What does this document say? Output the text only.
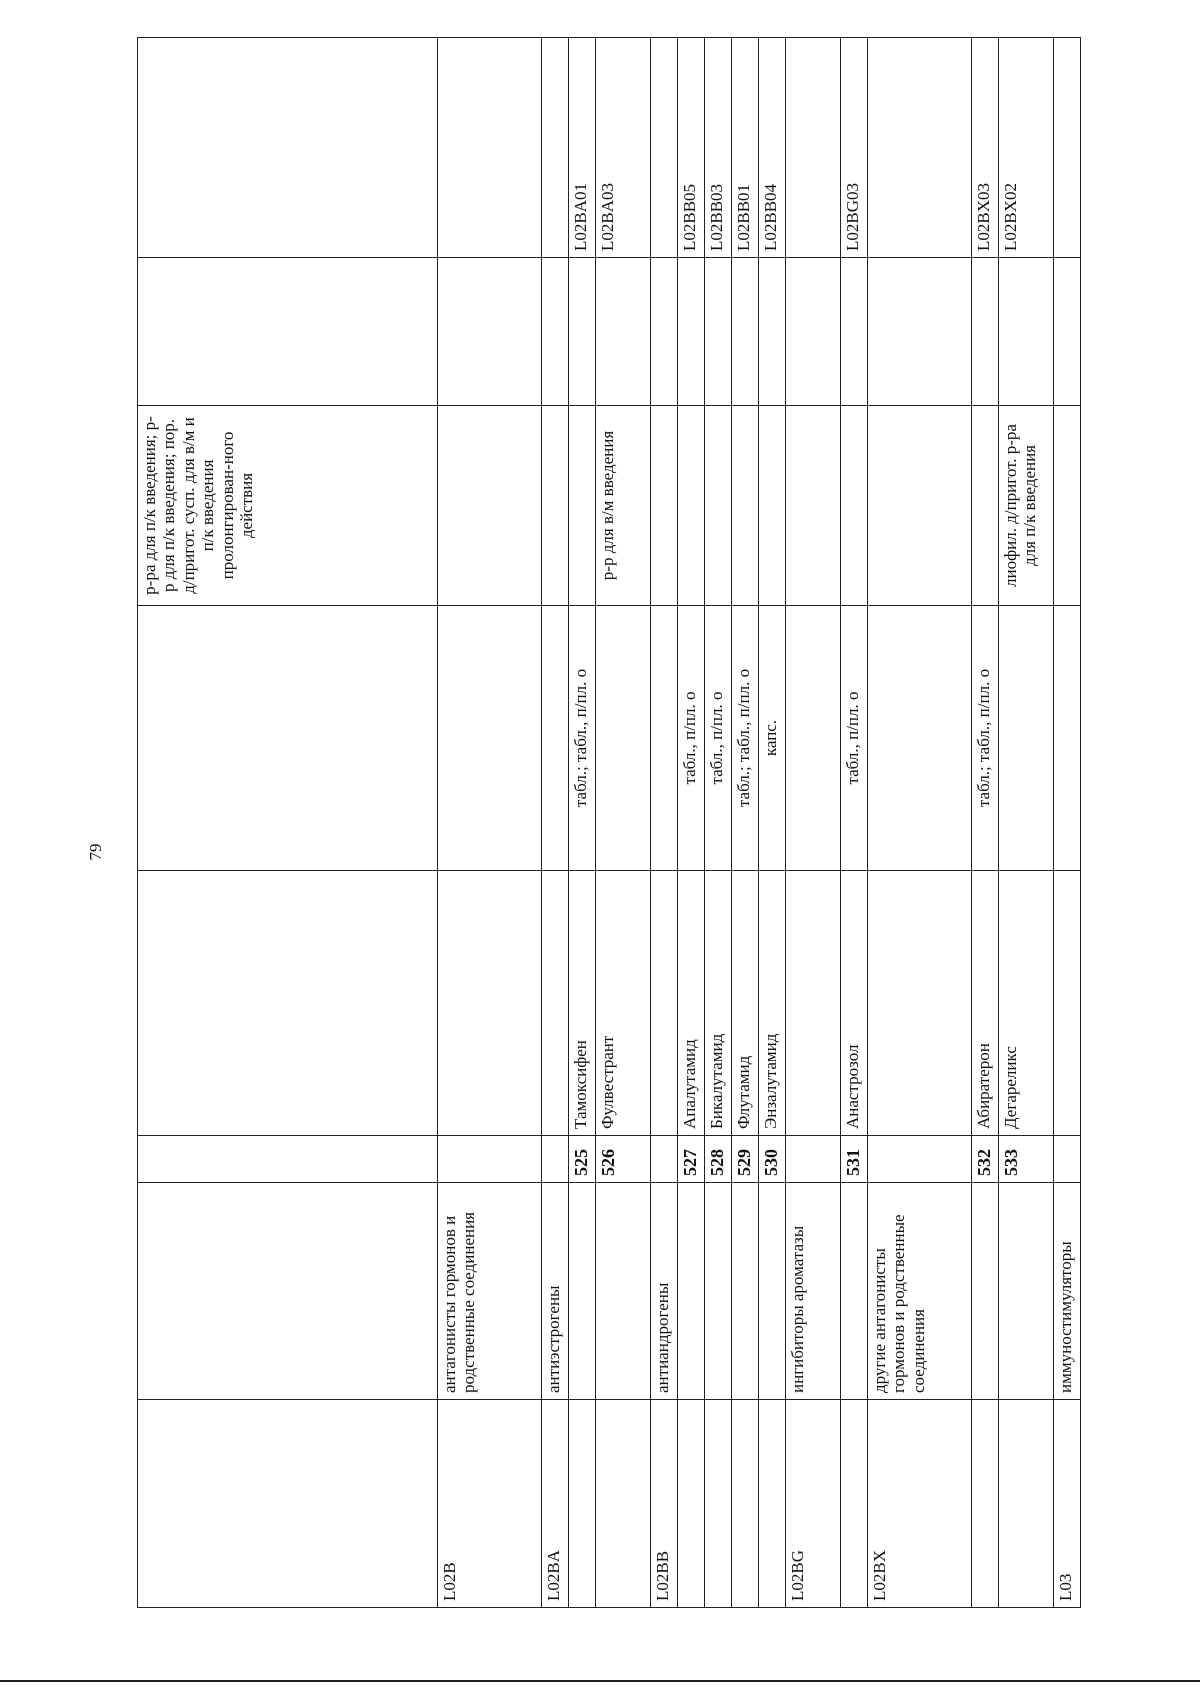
79
					р-ра для п/к введения; р-р для п/к введения; пор. д/пригот. сусп. для в/м и п/к введения пролонгирован-ного действия		
L02B	антагонисты гормонов и родственные соединения						
L02BA	антиэстрогены						
		525	Тамоксифен	табл.; табл., п/пл. о			L02BA01
		526	Фулвестрант		р-р для в/м введения		L02BA03
L02BB	антиандрогены						
		527	Апалутамид	табл., п/пл. о			L02BB05
		528	Бикалутамид	табл., п/пл. о			L02BB03
		529	Флутамид	табл.; табл., п/пл. о			L02BB01
		530	Энзалутамид	капс.			L02BB04
L02BG	ингибиторы ароматазы						
		531	Анастрозол	табл., п/пл. о			L02BG03
L02BX	другие антагонисты гормонов и родственные соединения						
		532	Абиратерон	табл.; табл., п/пл. о			L02BX03
		533	Дегареликс		лиофил. д/пригот. р-ра для п/к введения		L02BX02
L03	иммуностимуляторы						
